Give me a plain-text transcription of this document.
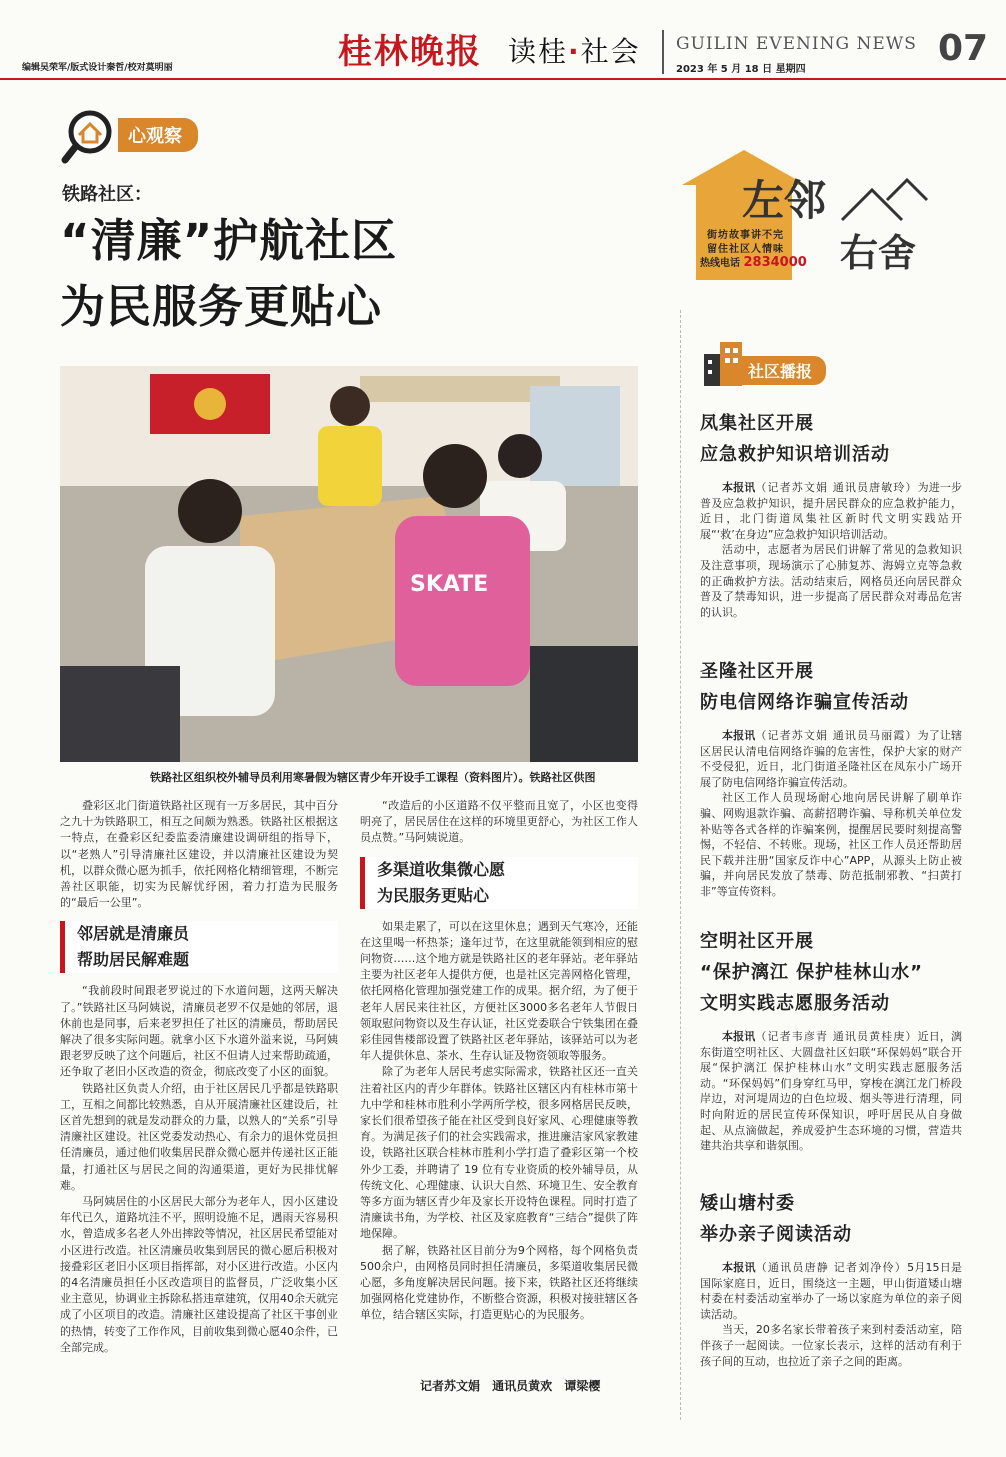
编辑吴荣军/版式设计秦哲/校对莫明丽	桂林晚报 读桂·社会 GUILIN EVENING NEWS
2023 年 5 月 18 日 星期四
07
心观察
铁路社区：
“清廉”护航社区
为民服务更贴心
SKATE
铁路社区组织校外辅导员利用寒暑假为辖区青少年开设手工课程（资料图片）。铁路社区供图

叠彩区北门街道铁路社区现有一万多居民，其中百分之九十为铁路职工，相互之间颇为熟悉。铁路社区根据这一特点，在叠彩区纪委监委清廉建设调研组的指导下，以“老熟人”引导清廉社区建设，并以清廉社区建设为契机，以群众微心愿为抓手，依托网格化精细管理，不断完善社区职能，切实为民解忧纾困，着力打造为民服务的“最后一公里”。

邻居就是清廉员
帮助居民解难题

“我前段时间跟老罗说过的下水道问题，这两天解决了。”铁路社区马阿姨说，清廉员老罗不仅是她的邻居，退休前也是同事，后来老罗担任了社区的清廉员，帮助居民解决了很多实际问题。就拿小区下水道外溢来说，马阿姨跟老罗反映了这个问题后，社区不但请人过来帮助疏通，还争取了老旧小区改造的资金，彻底改变了小区的面貌。

铁路社区负责人介绍，由于社区居民几乎都是铁路职工，互相之间都比较熟悉，自从开展清廉社区建设后，社区首先想到的就是发动群众的力量，以熟人的“关系”引导清廉社区建设。社区党委发动热心、有余力的退休党员担任清廉员，通过他们收集居民群众微心愿并传递社区正能量，打通社区与居民之间的沟通渠道，更好为民排忧解难。

马阿姨居住的小区居民大部分为老年人，因小区建设年代已久，道路坑洼不平，照明设施不足，遇雨天容易积水，曾造成多名老人外出摔跤等情况，社区居民希望能对小区进行改造。社区清廉员收集到居民的微心愿后积极对接叠彩区老旧小区项目指挥部，对小区进行改造。小区内的4名清廉员担任小区改造项目的监督员，广泛收集小区业主意见，协调业主拆除私搭违章建筑，仅用40余天就完成了小区项目的改造。清廉社区建设提高了社区干事创业的热情，转变了工作作风，目前收集到微心愿40余件，已全部完成。

“改造后的小区道路不仅平整而且宽了，小区也变得明亮了，居民居住在这样的环境里更舒心，为社区工作人员点赞。”马阿姨说道。

多渠道收集微心愿
为民服务更贴心

如果走累了，可以在这里休息；遇到天气寒冷，还能在这里喝一杯热茶；逢年过节，在这里就能领到相应的慰问物资……这个地方就是铁路社区的老年驿站。老年驿站主要为社区老年人提供方便，也是社区完善网格化管理，依托网格化管理加强党建工作的成果。据介绍，为了便于老年人居民来往社区，方便社区3000多名老年人节假日领取慰问物资以及生存认证，社区党委联合宁铁集团在叠彩佳园售楼部设置了铁路社区老年驿站，该驿站可以为老年人提供休息、茶水、生存认证及物资领取等服务。

除了为老年人居民考虑实际需求，铁路社区还一直关注着社区内的青少年群体。铁路社区辖区内有桂林市第十九中学和桂林市胜利小学两所学校，很多网格居民反映，家长们很希望孩子能在社区受到良好家风、心理健康等教育。为满足孩子们的社会实践需求，推进廉洁家风家教建设，铁路社区联合桂林市胜利小学打造了叠彩区第一个校外少工委，并聘请了 19 位有专业资质的校外辅导员，从传统文化、心理健康、认识大自然、环境卫生、安全教育等多方面为辖区青少年及家长开设特色课程。同时打造了清廉读书角，为学校、社区及家庭教育“三结合”提供了阵地保障。

据了解，铁路社区目前分为9个网格，每个网格负责500余户，由网格员同时担任清廉员，多渠道收集居民微心愿，多角度解决居民问题。接下来，铁路社区还将继续加强网格化党建协作，不断整合资源，积极对接驻辖区各单位，结合辖区实际，打造更贴心的为民服务。

记者苏文娟 通讯员黄欢 谭梁樱
左邻
右舍
街坊故事讲不完
留住社区人情味
热线电话 2834000
社区播报
凤集社区开展
应急救护知识培训活动

本报讯（记者苏文娟 通讯员唐敏玲）为进一步普及应急救护知识，提升居民群众的应急救护能力，近日，北门街道凤集社区新时代文明实践站开展“‘救’在身边”应急救护知识培训活动。

活动中，志愿者为居民们讲解了常见的急救知识及注意事项，现场演示了心肺复苏、海姆立克等急救的正确救护方法。活动结束后，网格员还向居民群众普及了禁毒知识，进一步提高了居民群众对毒品危害的认识。

圣隆社区开展
防电信网络诈骗宣传活动

本报讯（记者苏文娟 通讯员马丽霞）为了让辖区居民认清电信网络诈骗的危害性，保护大家的财产不受侵犯，近日，北门街道圣隆社区在凤东小广场开展了防电信网络诈骗宣传活动。

社区工作人员现场耐心地向居民讲解了刷单诈骗、网购退款诈骗、高薪招聘诈骗、导称机关单位发补贴等各式各样的诈骗案例，提醒居民要时刻提高警惕，不轻信、不转账。现场，社区工作人员还帮助居民下载并注册“国家反诈中心”APP，从源头上防止被骗，并向居民发放了禁毒、防范抵制邪教、“扫黄打非”等宣传资料。

空明社区开展
“保护漓江 保护桂林山水”
文明实践志愿服务活动

本报讯（记者韦彦青 通讯员黄桂庚）近日，漓东街道空明社区、大圆盘社区妇联“环保妈妈”联合开展“保护漓江 保护桂林山水”文明实践志愿服务活动。“环保妈妈”们身穿红马甲，穿梭在漓江龙门桥段岸边，对河堤周边的白色垃圾、烟头等进行清理，同时向附近的居民宣传环保知识，呼吁居民从自身做起、从点滴做起，养成爱护生态环境的习惯，营造共建共治共享和谐氛围。

矮山塘村委
举办亲子阅读活动

本报讯（通讯员唐静 记者刘净伶）5月15日是国际家庭日，近日，围绕这一主题，甲山街道矮山塘村委在村委活动室举办了一场以家庭为单位的亲子阅读活动。

当天，20多名家长带着孩子来到村委活动室，陪伴孩子一起阅读。一位家长表示，这样的活动有利于孩子间的互动，也拉近了亲子之间的距离。
